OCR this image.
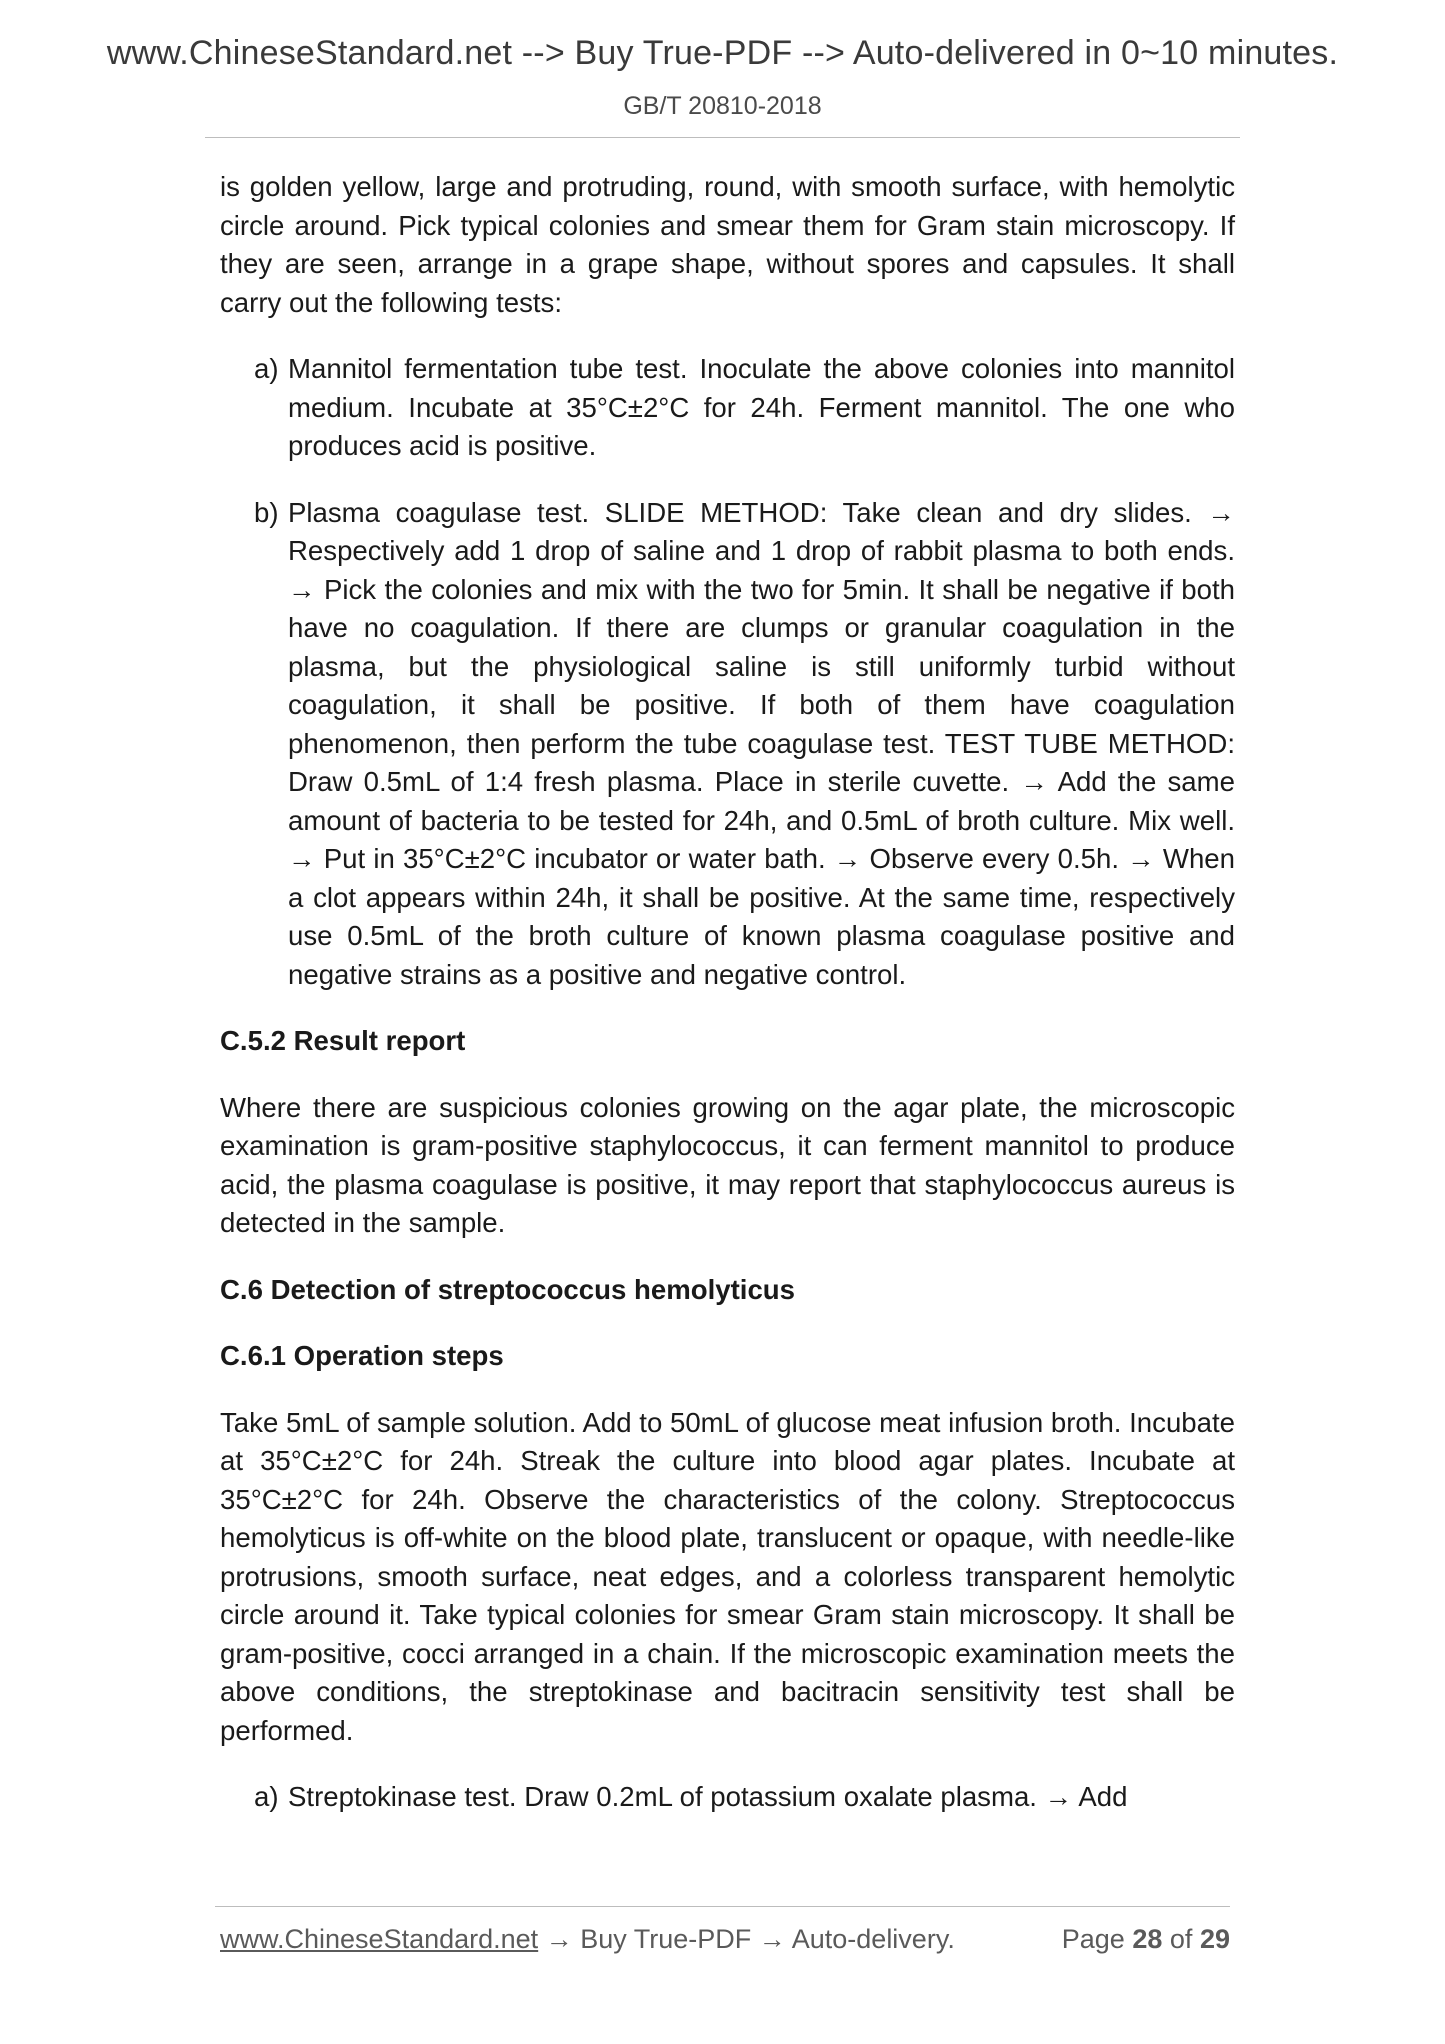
www.ChineseStandard.net --> Buy True-PDF --> Auto-delivered in 0~10 minutes.
GB/T 20810-2018

is golden yellow, large and protruding, round, with smooth surface, with hemolytic circle around. Pick typical colonies and smear them for Gram stain microscopy. If they are seen, arrange in a grape shape, without spores and capsules. It shall carry out the following tests:

a) Mannitol fermentation tube test. Inoculate the above colonies into mannitol medium. Incubate at 35°C±2°C for 24h. Ferment mannitol. The one who produces acid is positive.
b) Plasma coagulase test. SLIDE METHOD: Take clean and dry slides. → Respectively add 1 drop of saline and 1 drop of rabbit plasma to both ends. → Pick the colonies and mix with the two for 5min. It shall be negative if both have no coagulation. If there are clumps or granular coagulation in the plasma, but the physiological saline is still uniformly turbid without coagulation, it shall be positive. If both of them have coagulation phenomenon, then perform the tube coagulase test. TEST TUBE METHOD: Draw 0.5mL of 1:4 fresh plasma. Place in sterile cuvette. → Add the same amount of bacteria to be tested for 24h, and 0.5mL of broth culture. Mix well. → Put in 35°C±2°C incubator or water bath. → Observe every 0.5h. → When a clot appears within 24h, it shall be positive. At the same time, respectively use 0.5mL of the broth culture of known plasma coagulase positive and negative strains as a positive and negative control.

C.5.2 Result report

Where there are suspicious colonies growing on the agar plate, the microscopic examination is gram-positive staphylococcus, it can ferment mannitol to produce acid, the plasma coagulase is positive, it may report that staphylococcus aureus is detected in the sample.

C.6 Detection of streptococcus hemolyticus

C.6.1 Operation steps

Take 5mL of sample solution. Add to 50mL of glucose meat infusion broth. Incubate at 35°C±2°C for 24h. Streak the culture into blood agar plates. Incubate at 35°C±2°C for 24h. Observe the characteristics of the colony. Streptococcus hemolyticus is off-white on the blood plate, translucent or opaque, with needle-like protrusions, smooth surface, neat edges, and a colorless transparent hemolytic circle around it. Take typical colonies for smear Gram stain microscopy. It shall be gram-positive, cocci arranged in a chain. If the microscopic examination meets the above conditions, the streptokinase and bacitracin sensitivity test shall be performed.

a) Streptokinase test. Draw 0.2mL of potassium oxalate plasma. → Add
www.ChineseStandard.net → Buy True-PDF → Auto-delivery.	Page 28 of 29
